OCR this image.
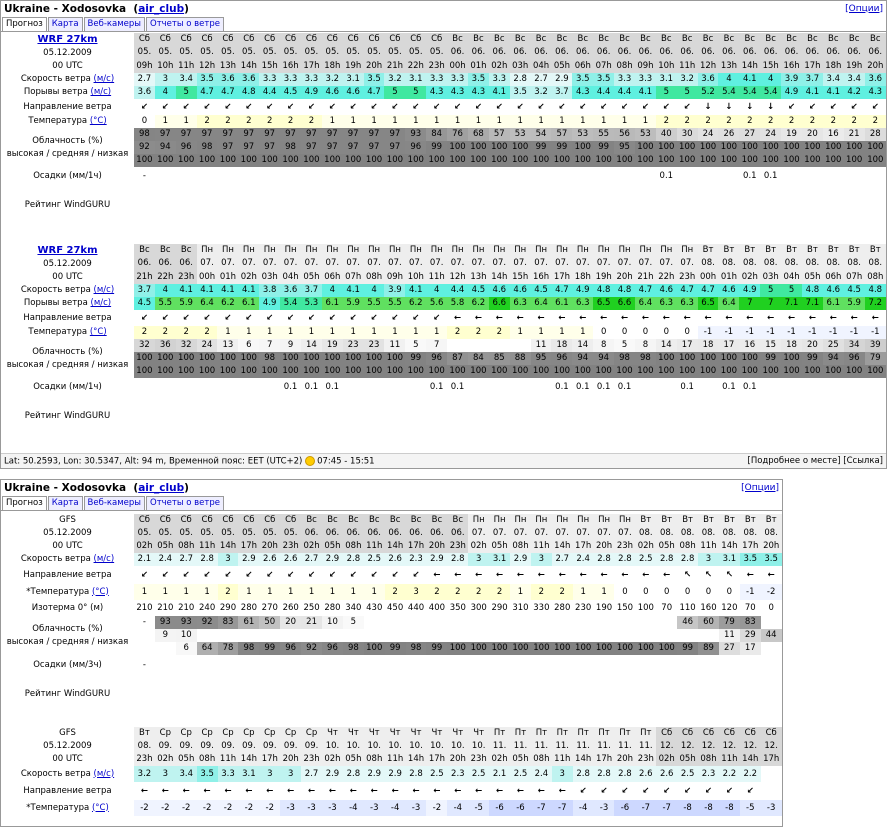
Ukraine - Xodosovka  (air_club)	[Опции]
Прогноз	Карта	Веб-камеры	Отчеты о ветре
WRF 27km
05.12.2009
00 UTC	Сб	Сб	Сб	Сб	Сб	Сб	Сб	Сб	Сб	Сб	Сб	Сб	Сб	Сб	Сб	Вс	Вс	Вс	Вс	Вс	Вс	Вс	Вс	Вс	Вс	Вс	Вс	Вс	Вс	Вс	Вс	Вс	Вс	Вс	Вс	Вс
	05.	05.	05.	05.	05.	05.	05.	05.	05.	05.	05.	05.	05.	05.	05.	06.	06.	06.	06.	06.	06.	06.	06.	06.	06.	06.	06.	06.	06.	06.	06.	06.	06.	06.	06.	06.
	09h	10h	11h	12h	13h	14h	15h	16h	17h	18h	19h	20h	21h	22h	23h	00h	01h	02h	03h	04h	05h	06h	07h	08h	09h	10h	11h	12h	13h	14h	15h	16h	17h	18h	19h	20h
Скорость ветра (м/с)	2.7	3	3.4	3.5	3.6	3.6	3.3	3.3	3.3	3.2	3.1	3.5	3.2	3.1	3.3	3.3	3.5	3.3	2.8	2.7	2.9	3.5	3.5	3.3	3.3	3.1	3.2	3.6	4	4.1	4	3.9	3.7	3.4	3.4	3.6
Порывы ветра (м/с)	3.6	4	5	4.7	4.7	4.8	4.4	4.5	4.9	4.6	4.6	4.7	5	5	4.3	4.3	4.3	4.1	3.5	3.2	3.7	4.3	4.4	4.4	4.1	5	5	5.2	5.4	5.4	5.4	4.9	4.1	4.1	4.2	4.3
Направление ветра	↙	↙	↙	↙	↙	↙	↙	↙	↙	↙	↙	↙	↙	↙	↙	↙	↙	↙	↙	↙	↙	↙	↙	↙	↙	↙	↙	↓	↓	↓	↓	↙	↙	↙	↙	↙
Температура (°C)	0	1	1	2	2	2	2	2	2	1	1	1	1	1	1	1	1	1	1	1	1	1	1	1	1	2	2	2	2	2	2	2	2	2	2	2
Облачность (%)
высокая / средняя / низкая	98	97	97	97	97	97	97	97	97	97	97	97	97	93	84	76	68	57	53	54	57	53	55	56	53	40	30	24	26	27	24	19	20	16	21	28
	92	94	96	98	97	97	97	98	97	97	97	97	97	96	99	100	100	100	100	99	99	100	99	95	100	100	100	100	100	100	100	100	100	100	100	100
	100	100	100	100	100	100	100	100	100	100	100	100	100	100	100	100	100	100	100	100	100	100	100	100	100	100	100	100	100	100	100	100	100	100	100	100
Осадки (мм/1ч)	-																									0.1				0.1	0.1					
Рейтинг WindGURU																																				
WRF 27km
05.12.2009
00 UTC	Вс	Вс	Вс	Пн	Пн	Пн	Пн	Пн	Пн	Пн	Пн	Пн	Пн	Пн	Пн	Пн	Пн	Пн	Пн	Пн	Пн	Пн	Пн	Пн	Пн	Пн	Пн	Вт	Вт	Вт	Вт	Вт	Вт	Вт	Вт	Вт
	06.	06.	06.	07.	07.	07.	07.	07.	07.	07.	07.	07.	07.	07.	07.	07.	07.	07.	07.	07.	07.	07.	07.	07.	07.	07.	07.	08.	08.	08.	08.	08.	08.	08.	08.	08.
	21h	22h	23h	00h	01h	02h	03h	04h	05h	06h	07h	08h	09h	10h	11h	12h	13h	14h	15h	16h	17h	18h	19h	20h	21h	22h	23h	00h	01h	02h	03h	04h	05h	06h	07h	08h
Скорость ветра (м/с)	3.7	4	4.1	4.1	4.1	4.1	3.8	3.6	3.7	4	4.1	4	3.9	4.1	4	4.4	4.5	4.6	4.6	4.5	4.7	4.9	4.8	4.8	4.7	4.6	4.7	4.7	4.6	4.9	5	5	4.8	4.6	4.5	4.8
Порывы ветра (м/с)	4.5	5.5	5.9	6.4	6.2	6.1	4.9	5.4	5.3	6.1	5.9	5.5	5.5	6.2	5.6	5.8	6.2	6.6	6.3	6.4	6.1	6.3	6.5	6.6	6.4	6.3	6.3	6.5	6.4	7	7	7.1	7.1	6.1	5.9	7.2
Направление ветра	↙	↙	↙	↙	↙	↙	↙	↙	↙	↙	↙	↙	↙	↙	↙	←	←	←	←	←	←	←	←	←	←	←	←	←	←	←	←	←	←	←	←	←
Температура (°C)	2	2	2	2	1	1	1	1	1	1	1	1	1	1	1	2	2	2	1	1	1	1	0	0	0	0	0	-1	-1	-1	-1	-1	-1	-1	-1	-1
Облачность (%)
высокая / средняя / низкая	32	36	32	24	13	6	7	9	14	19	23	23	11	5	7					11	18	14	8	5	8	14	17	18	17	16	15	18	20	25	34	39
	100	100	100	100	100	100	98	100	100	100	100	100	100	99	96	87	84	85	88	95	96	94	94	98	98	100	100	100	100	100	99	100	99	94	96	79
	100	100	100	100	100	100	100	100	100	100	100	100	100	100	100	100	100	100	100	100	100	100	100	100	100	100	100	100	100	100	100	100	100	100	100	100
Осадки (мм/1ч)								0.1	0.1	0.1					0.1	0.1					0.1	0.1	0.1	0.1			0.1		0.1	0.1						
Рейтинг WindGURU																																				
Lat: 50.2593, Lon: 30.5347, Alt: 94 m, Временной пояс: EET (UTC+2) 07:45 - 15:51	[Подробнее о месте] [Ссылка]
Ukraine - Xodosovka  (air_club)	[Опции]
Прогноз	Карта	Веб-камеры	Отчеты о ветре
GFS
05.12.2009
00 UTC	Сб	Сб	Сб	Сб	Сб	Сб	Сб	Сб	Вс	Вс	Вс	Вс	Вс	Вс	Вс	Вс	Пн	Пн	Пн	Пн	Пн	Пн	Пн	Пн	Вт	Вт	Вт	Вт	Вт	Вт	Вт
	05.	05.	05.	05.	05.	05.	05.	05.	06.	06.	06.	06.	06.	06.	06.	06.	07.	07.	07.	07.	07.	07.	07.	07.	08.	08.	08.	08.	08.	08.	08.
	02h	05h	08h	11h	14h	17h	20h	23h	02h	05h	08h	11h	14h	17h	20h	23h	02h	05h	08h	11h	14h	17h	20h	23h	02h	05h	08h	11h	14h	17h	20h
Скорость ветра (м/с)	2.1	2.4	2.7	2.8	3	2.9	2.6	2.6	2.7	2.9	2.8	2.5	2.6	2.3	2.9	2.8	3	3.1	2.9	3	2.7	2.4	2.8	2.8	2.5	2.8	2.8	3	3.1	3.5	3.5
Направление ветра	↙	↙	↙	↙	↙	↙	↙	↙	↙	↙	↙	↙	↙	↙	←	←	←	←	←	←	←	←	←	←	←	←	↖	↖	↖	←	←
*Температура (°C)	1	1	1	1	2	1	1	1	1	1	1	1	2	3	2	2	2	2	1	2	2	1	1	0	0	0	0	0	0	-1	-2
Изотерма 0° (м)	210	210	210	240	290	280	270	260	250	280	340	430	450	440	400	350	300	290	310	330	280	230	190	150	100	70	110	160	120	70	0
Облачность (%)
высокая / средняя / низкая	-	93	93	92	83	61	50	20	21	10	5																46	60	79	83	
		9	10																										11	29	44
			6	64	78	98	99	96	92	96	98	100	99	98	99	100	100	100	100	100	100	100	100	100	100	100	99	89	27	17	
Осадки (мм/3ч)	-																														
Рейтинг WindGURU																															
GFS
05.12.2009
00 UTC	Вт	Ср	Ср	Ср	Ср	Ср	Ср	Ср	Ср	Чт	Чт	Чт	Чт	Чт	Чт	Чт	Чт	Пт	Пт	Пт	Пт	Пт	Пт	Пт	Пт	Сб	Сб	Сб	Сб	Сб	Сб
	08.	09.	09.	09.	09.	09.	09.	09.	09.	10.	10.	10.	10.	10.	10.	10.	10.	11.	11.	11.	11.	11.	11.	11.	11.	12.	12.	12.	12.	12.	12.
	23h	02h	05h	08h	11h	14h	17h	20h	23h	02h	05h	08h	11h	14h	17h	20h	23h	02h	05h	08h	11h	14h	17h	20h	23h	02h	05h	08h	11h	14h	17h
Скорость ветра (м/с)	3.2	3	3.4	3.5	3.3	3.1	3	3	2.7	2.9	2.8	2.9	2.9	2.8	2.5	2.3	2.5	2.1	2.5	2.4	3	2.8	2.8	2.8	2.6	2.6	2.5	2.3	2.2	2.2	
Направление ветра	←	←	←	←	←	←	←	←	←	←	←	←	←	←	←	←	←	←	←	←	←	↙	↙	↙	↙	↙	↙	↙	↙	↙	
*Температура (°C)	-2	-2	-2	-2	-2	-2	-2	-3	-3	-3	-4	-3	-4	-3	-2	-4	-5	-6	-6	-7	-7	-4	-3	-6	-7	-7	-8	-8	-8	-5	-3
